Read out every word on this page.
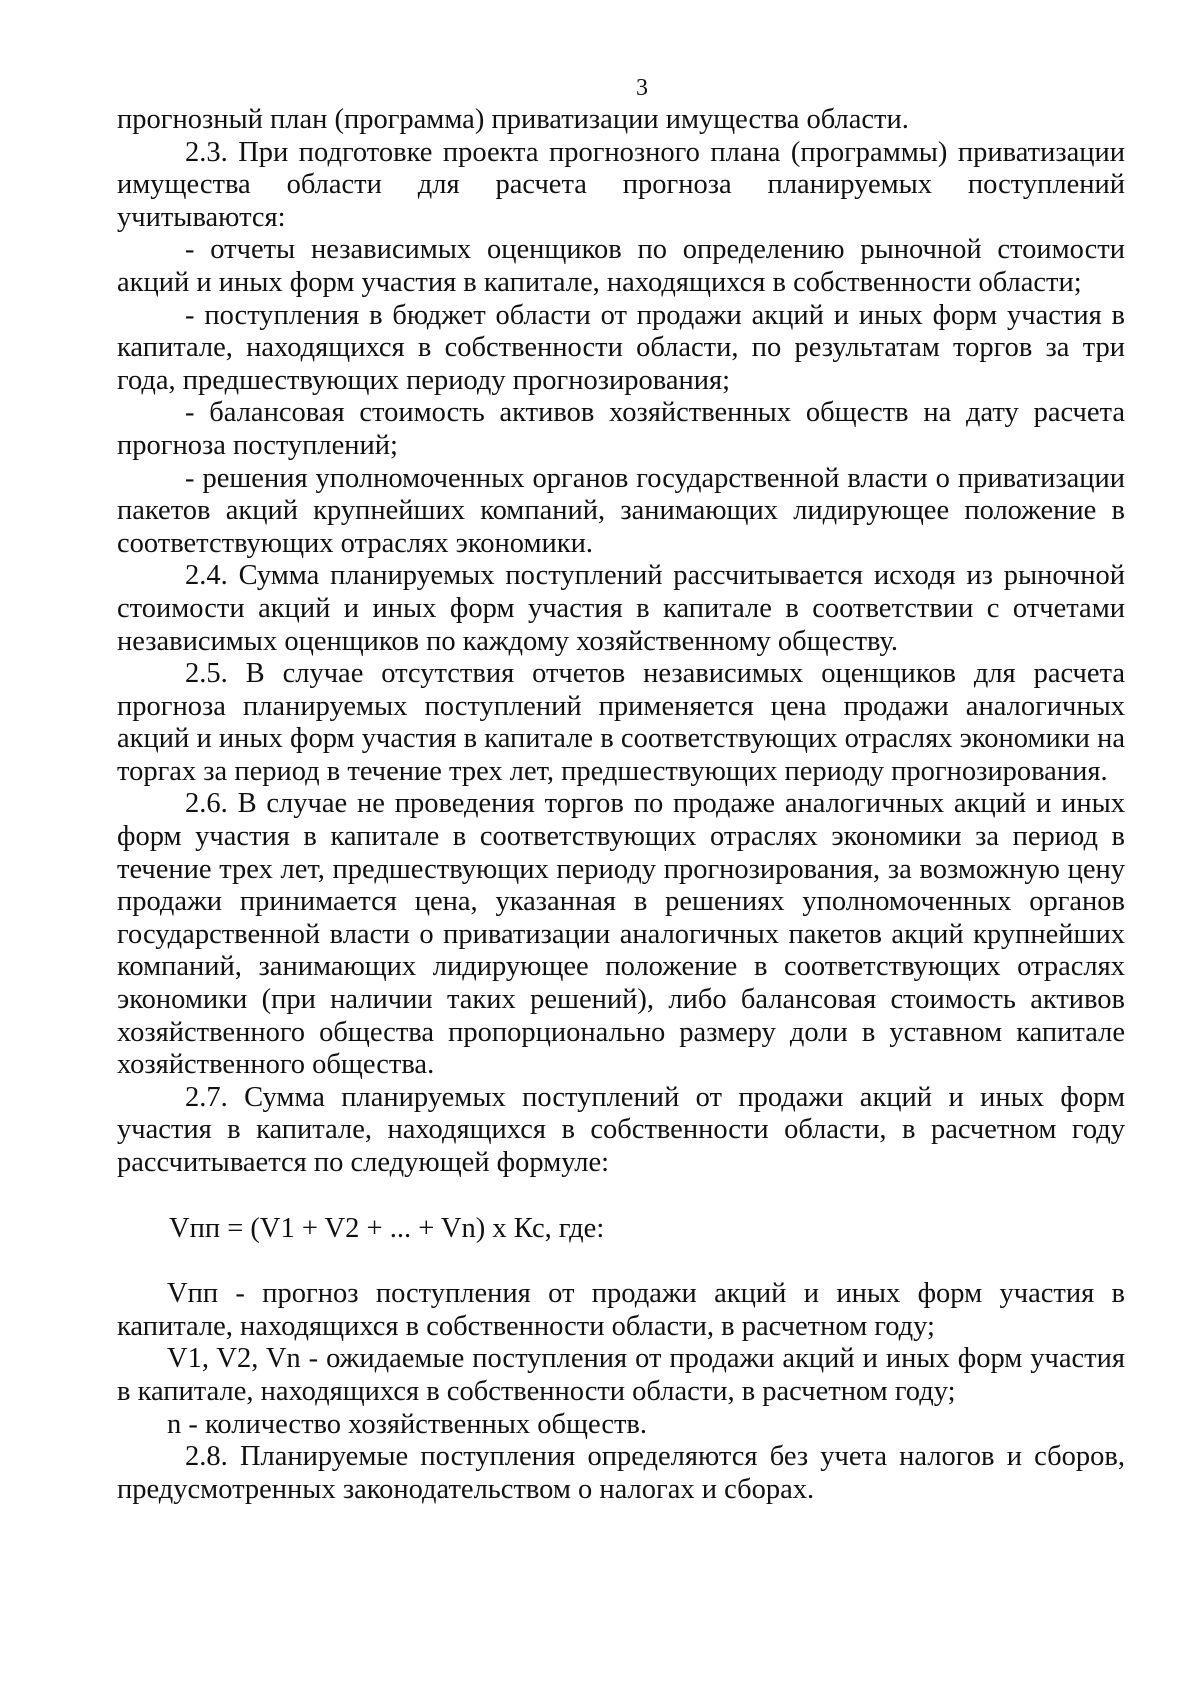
3

прогнозный план (программа) приватизации имущества области.

2.3. При подготовке проекта прогнозного плана (программы) приватизации имущества области для расчета прогноза планируемых поступлений учитываются:

- отчеты независимых оценщиков по определению рыночной стоимости акций и иных форм участия в капитале, находящихся в собственности области;

- поступления в бюджет области от продажи акций и иных форм участия в капитале, находящихся в собственности области, по результатам торгов за три года, предшествующих периоду прогнозирования;

- балансовая стоимость активов хозяйственных обществ на дату расчета прогноза поступлений;

- решения уполномоченных органов государственной власти о приватизации пакетов акций крупнейших компаний, занимающих лидирующее положение в соответствующих отраслях экономики.

2.4. Сумма планируемых поступлений рассчитывается исходя из рыночной стоимости акций и иных форм участия в капитале в соответствии с отчетами независимых оценщиков по каждому хозяйственному обществу.

2.5. В случае отсутствия отчетов независимых оценщиков для расчета прогноза планируемых поступлений применяется цена продажи аналогичных акций и иных форм участия в капитале в соответствующих отраслях экономики на торгах за период в течение трех лет, предшествующих периоду прогнозирования.

2.6. В случае не проведения торгов по продаже аналогичных акций и иных форм участия в капитале в соответствующих отраслях экономики за период в течение трех лет, предшествующих периоду прогнозирования, за возможную цену продажи принимается цена, указанная в решениях уполномоченных органов государственной власти о приватизации аналогичных пакетов акций крупнейших компаний, занимающих лидирующее положение в соответствующих отраслях экономики (при наличии таких решений), либо балансовая стоимость активов хозяйственного общества пропорционально размеру доли в уставном капитале хозяйственного общества.

2.7. Сумма планируемых поступлений от продажи акций и иных форм участия в капитале, находящихся в собственности области, в расчетном году рассчитывается по следующей формуле:

Vпп = (V1 + V2 + ... + Vn) x Кс, где:

Vпп - прогноз поступления от продажи акций и иных форм участия в капитале, находящихся в собственности области, в расчетном году;

V1, V2, Vn - ожидаемые поступления от продажи акций и иных форм участия в капитале, находящихся в собственности области, в расчетном году;

n - количество хозяйственных обществ.

2.8. Планируемые поступления определяются без учета налогов и сборов, предусмотренных законодательством о налогах и сборах.
